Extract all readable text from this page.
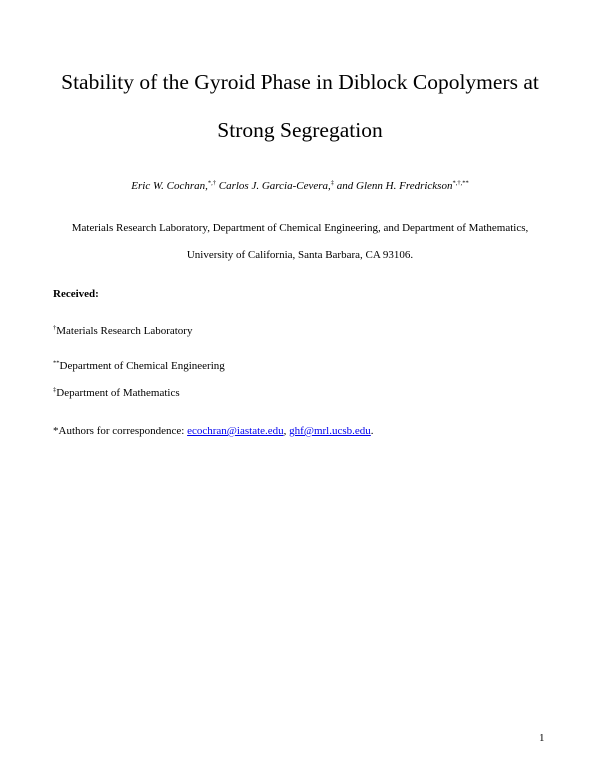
Stability of the Gyroid Phase in Diblock Copolymers at
Strong Segregation
Eric W. Cochran,*,† Carlos J. Garcia-Cevera,‡ and Glenn H. Fredrickson*,†,**
Materials Research Laboratory, Department of Chemical Engineering, and Department of Mathematics,
University of California, Santa Barbara, CA 93106.
Received:
†Materials Research Laboratory
**Department of Chemical Engineering
‡Department of Mathematics
*Authors for correspondence: ecochran@iastate.edu, ghf@mrl.ucsb.edu.
1
